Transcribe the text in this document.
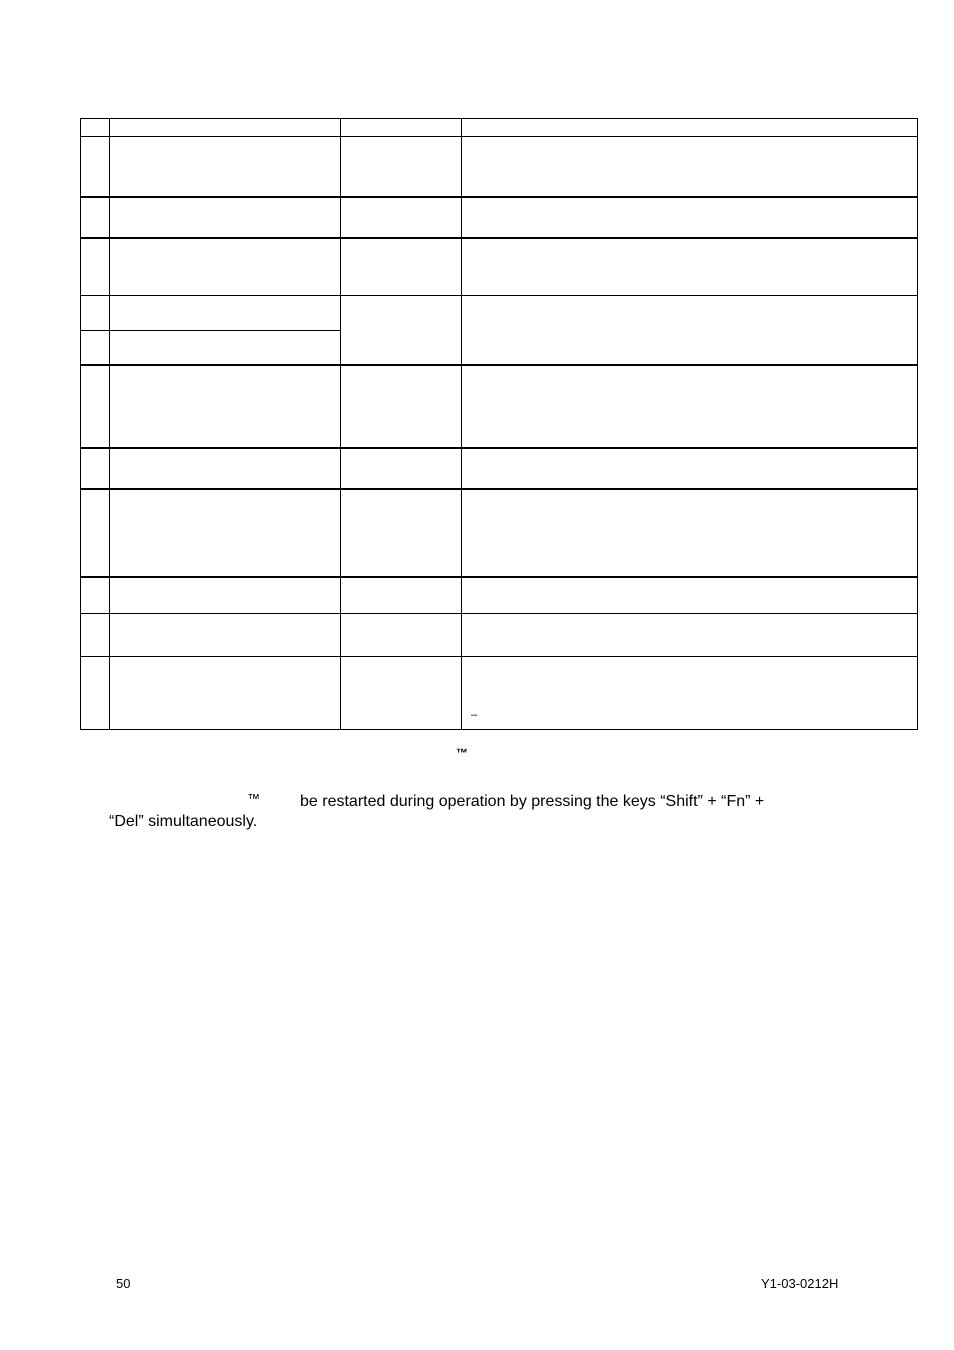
–
™
™	be restarted during operation by pressing the keys “Shift” + “Fn” +
“Del” simultaneously.
50	Y1-03-0212H
